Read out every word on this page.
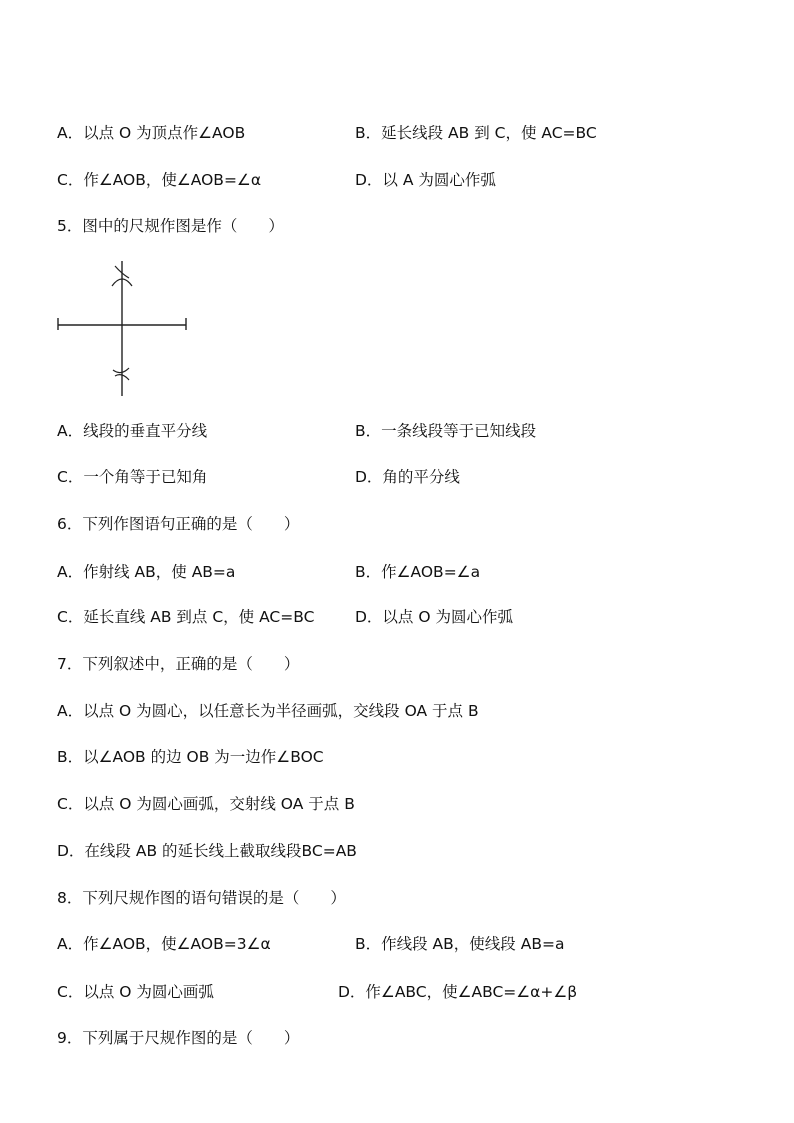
A．以点 O 为顶点作∠AOB	B．延长线段 AB 到 C，使 AC=BC
C．作∠AOB，使∠AOB=∠α	D．以 A 为圆心作弧
5．图中的尺规作图是作（　　）
A．线段的垂直平分线	B．一条线段等于已知线段
C．一个角等于已知角	D．角的平分线
6．下列作图语句正确的是（　　）
A．作射线 AB，使 AB=a	B．作∠AOB=∠a
C．延长直线 AB 到点 C，使 AC=BC	D．以点 O 为圆心作弧
7．下列叙述中，正确的是（　　）
A．以点 O 为圆心，以任意长为半径画弧，交线段 OA 于点 B
B．以∠AOB 的边 OB 为一边作∠BOC
C．以点 O 为圆心画弧，交射线 OA 于点 B
D．在线段 AB 的延长线上截取线段BC=AB
8．下列尺规作图的语句错误的是（　　）
A．作∠AOB，使∠AOB=3∠α	B．作线段 AB，使线段 AB=a
C．以点 O 为圆心画弧	D．作∠ABC，使∠ABC=∠α+∠β
9．下列属于尺规作图的是（　　）
